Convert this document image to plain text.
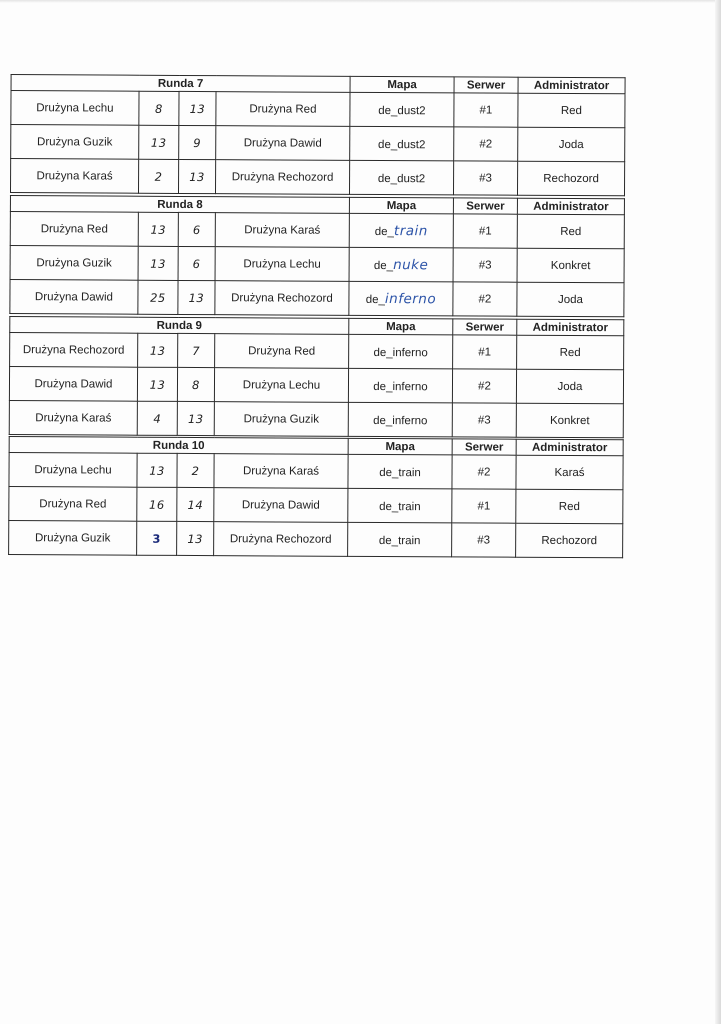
Runda 7				Mapa	Serwer	Administrator
Drużyna Lechu	8	13	Drużyna Red	de_dust2	#1	Red
Drużyna Guzik	13	9	Drużyna Dawid	de_dust2	#2	Joda
Drużyna Karaś	2	13	Drużyna Rechozord	de_dust2	#3	Rechozord
Runda 8				Mapa	Serwer	Administrator
Drużyna Red	13	6	Drużyna Karaś	de_train	#1	Red
Drużyna Guzik	13	6	Drużyna Lechu	de_nuke	#3	Konkret
Drużyna Dawid	25	13	Drużyna Rechozord	de_inferno	#2	Joda
Runda 9				Mapa	Serwer	Administrator
Drużyna Rechozord	13	7	Drużyna Red	de_inferno	#1	Red
Drużyna Dawid	13	8	Drużyna Lechu	de_inferno	#2	Joda
Drużyna Karaś	4	13	Drużyna Guzik	de_inferno	#3	Konkret
Runda 10				Mapa	Serwer	Administrator
Drużyna Lechu	13	2	Drużyna Karaś	de_train	#2	Karaś
Drużyna Red	16	14	Drużyna Dawid	de_train	#1	Red
Drużyna Guzik	3	13	Drużyna Rechozord	de_train	#3	Rechozord
